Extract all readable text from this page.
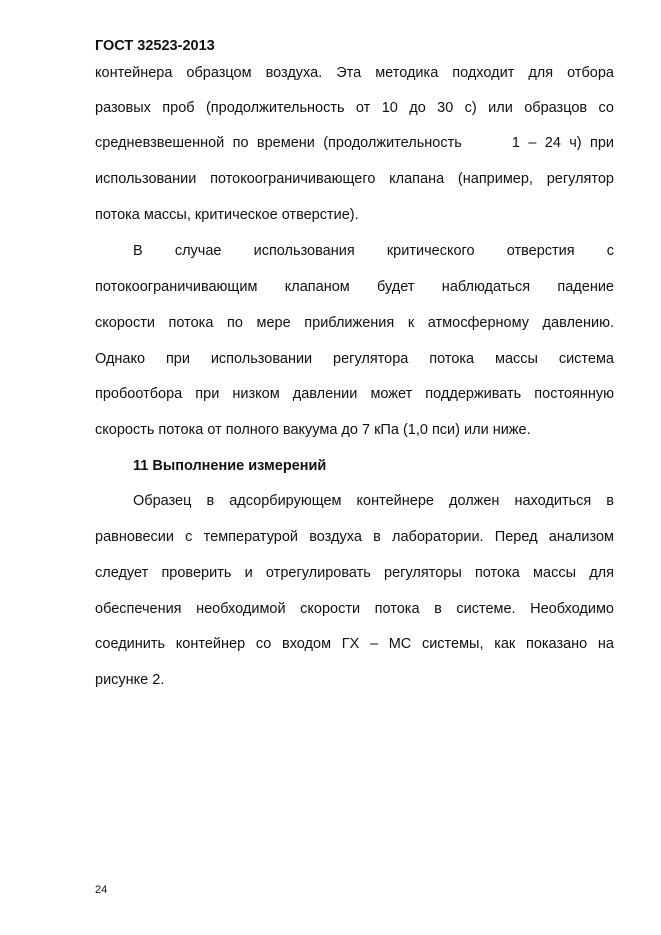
ГОСТ 32523-2013
контейнера образцом воздуха. Эта методика подходит для отбора
разовых проб (продолжительность от 10 до 30 с) или образцов со
средневзвешенной по времени (продолжительность      1 – 24 ч) при
использовании потокоограничивающего клапана (например, регулятор
потока массы, критическое отверстие).
В случае использования критического отверстия с
потокоограничивающим клапаном будет наблюдаться падение
скорости потока по мере приближения к атмосферному давлению.
Однако при использовании регулятора потока массы система
пробоотбора при низком давлении может поддерживать постоянную
скорость потока от полного вакуума до 7 кПа (1,0 пси) или ниже.
11 Выполнение измерений
Образец в адсорбирующем контейнере должен находиться в
равновесии с температурой воздуха в лаборатории. Перед анализом
следует проверить и отрегулировать регуляторы потока массы для
обеспечения необходимой скорости потока в системе. Необходимо
соединить контейнер со входом ГХ – МС системы, как показано на
рисунке 2.
24
